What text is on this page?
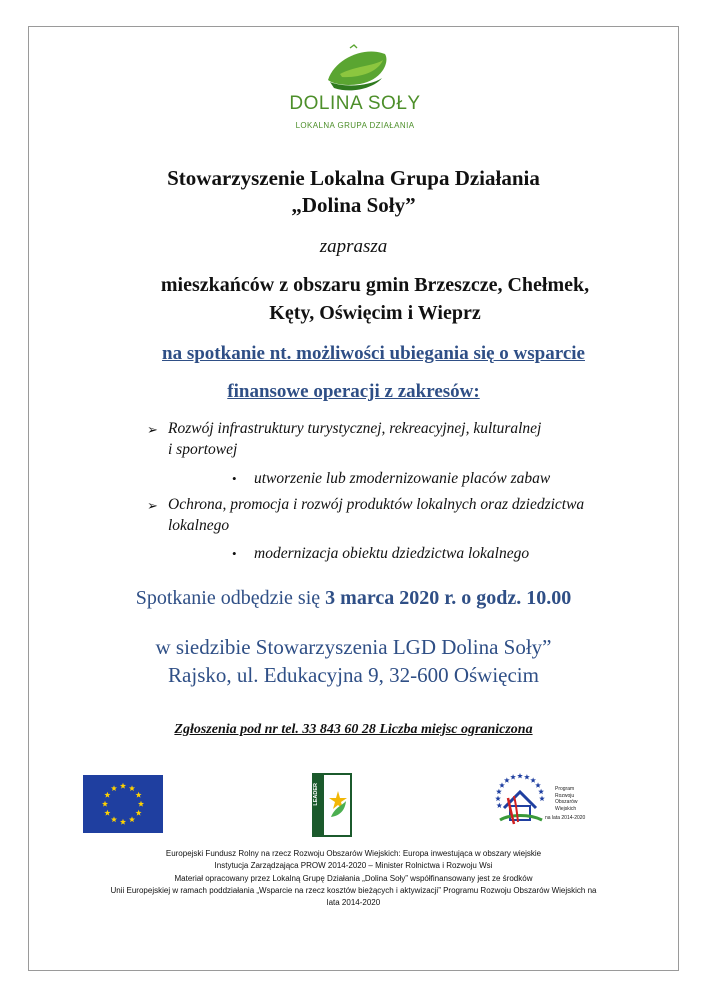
DOLINA SOŁY
LOKALNA GRUPA DZIAŁANIA
Stowarzyszenie Lokalna Grupa Działania
„Dolina Soły”
zaprasza
mieszkańców z obszaru gmin Brzeszcze, Chełmek,
Kęty, Oświęcim i Wieprz
na spotkanie nt. możliwości ubiegania się o wsparcie
finansowe operacji z zakresów:
➢ Rozwój infrastruktury turystycznej, rekreacyjnej, kulturalnej
i sportowej
•	utworzenie lub zmodernizowanie placów zabaw
➢ Ochrona, promocja i rozwój produktów lokalnych oraz dziedzictwa
lokalnego
•	modernizacja obiektu dziedzictwa lokalnego
Spotkanie odbędzie się 3 marca 2020 r. o godz. 10.00
w siedzibie Stowarzyszenia LGD Dolina Soły”
Rajsko, ul. Edukacyjna 9, 32-600 Oświęcim
Zgłoszenia pod nr tel. 33 843 60 28 Liczba miejsc ograniczona
LEADER	Program
Rozwoju
Obszarów
Wiejskich
na lata 2014-2020
Europejski Fundusz Rolny na rzecz Rozwoju Obszarów Wiejskich: Europa inwestująca w obszary wiejskie
Instytucja Zarządzająca PROW 2014-2020 – Minister Rolnictwa i Rozwoju Wsi
Materiał opracowany przez Lokalną Grupę Działania „Dolina Soły” współfinansowany jest ze środków
Unii Europejskiej w ramach poddziałania „Wsparcie na rzecz kosztów bieżących i aktywizacji” Programu Rozwoju Obszarów Wiejskich na
lata 2014-2020
